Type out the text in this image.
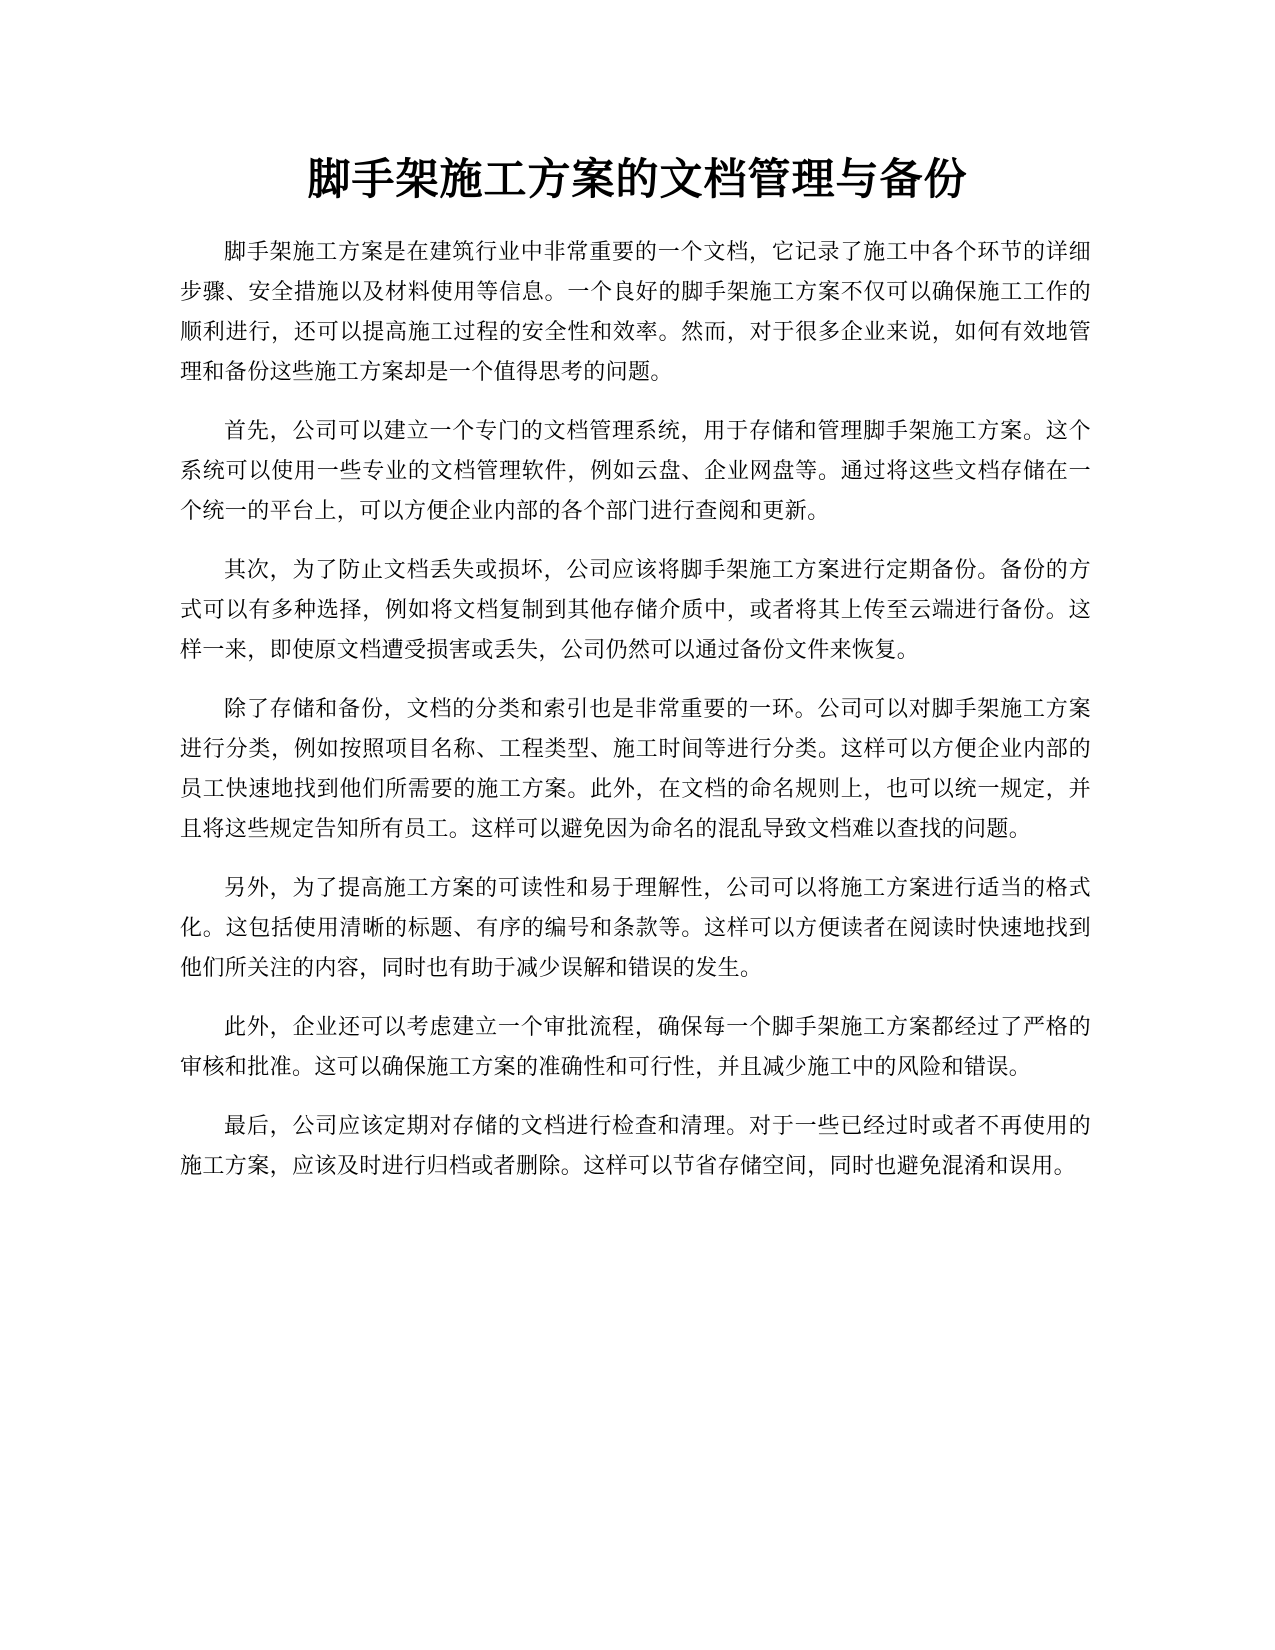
脚手架施工方案的文档管理与备份

脚手架施工方案是在建筑行业中非常重要的一个文档，它记录了施工中各个环节的详细步骤、安全措施以及材料使用等信息。一个良好的脚手架施工方案不仅可以确保施工工作的顺利进行，还可以提高施工过程的安全性和效率。然而，对于很多企业来说，如何有效地管理和备份这些施工方案却是一个值得思考的问题。

首先，公司可以建立一个专门的文档管理系统，用于存储和管理脚手架施工方案。这个系统可以使用一些专业的文档管理软件，例如云盘、企业网盘等。通过将这些文档存储在一个统一的平台上，可以方便企业内部的各个部门进行查阅和更新。

其次，为了防止文档丢失或损坏，公司应该将脚手架施工方案进行定期备份。备份的方式可以有多种选择，例如将文档复制到其他存储介质中，或者将其上传至云端进行备份。这样一来，即使原文档遭受损害或丢失，公司仍然可以通过备份文件来恢复。

除了存储和备份，文档的分类和索引也是非常重要的一环。公司可以对脚手架施工方案进行分类，例如按照项目名称、工程类型、施工时间等进行分类。这样可以方便企业内部的员工快速地找到他们所需要的施工方案。此外，在文档的命名规则上，也可以统一规定，并且将这些规定告知所有员工。这样可以避免因为命名的混乱导致文档难以查找的问题。

另外，为了提高施工方案的可读性和易于理解性，公司可以将施工方案进行适当的格式化。这包括使用清晰的标题、有序的编号和条款等。这样可以方便读者在阅读时快速地找到他们所关注的内容，同时也有助于减少误解和错误的发生。

此外，企业还可以考虑建立一个审批流程，确保每一个脚手架施工方案都经过了严格的审核和批准。这可以确保施工方案的准确性和可行性，并且减少施工中的风险和错误。

最后，公司应该定期对存储的文档进行检查和清理。对于一些已经过时或者不再使用的施工方案，应该及时进行归档或者删除。这样可以节省存储空间，同时也避免混淆和误用。
